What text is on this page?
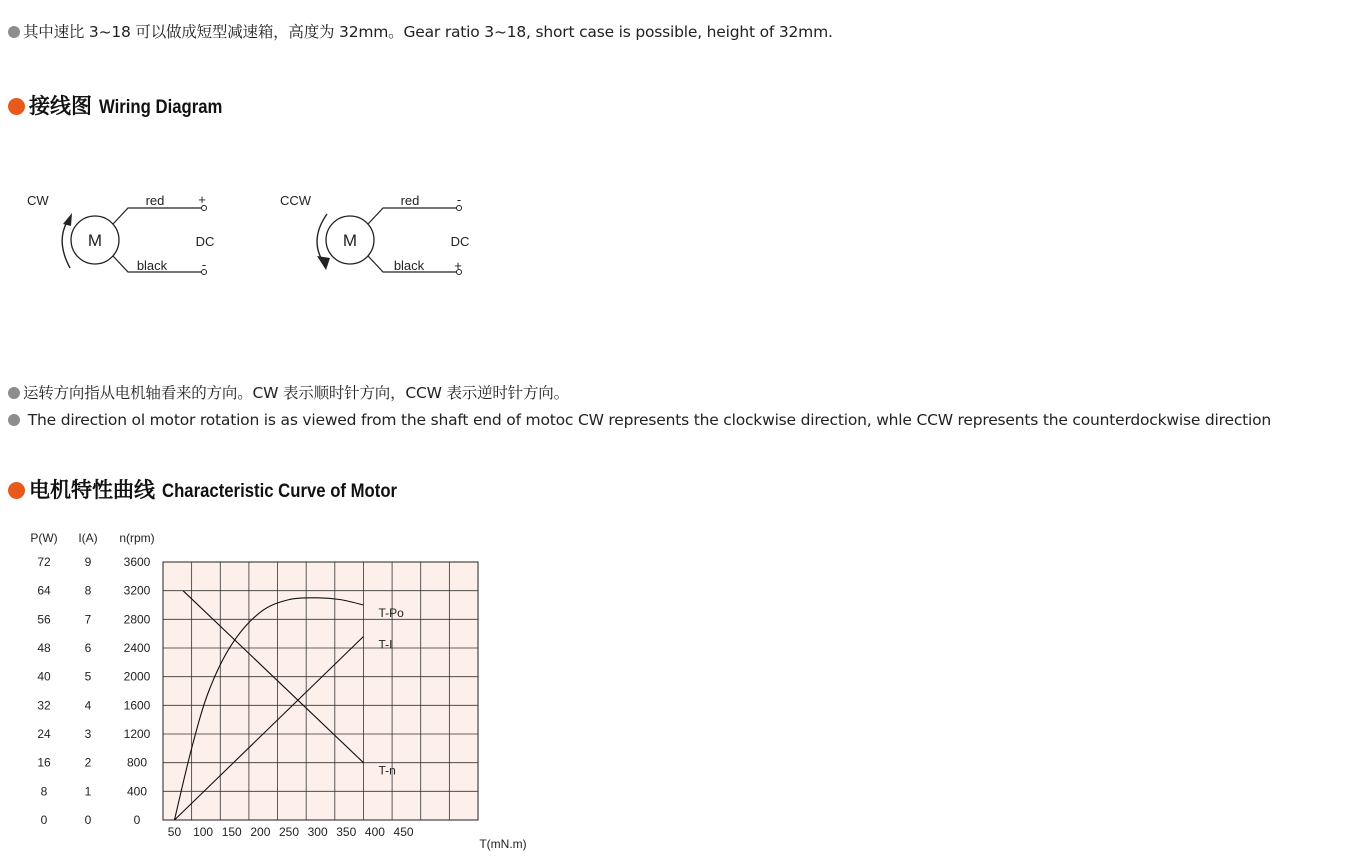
其中速比 3~18 可以做成短型减速箱，高度为 32mm。Gear ratio 3~18, short case is possible, height of 32mm.
接线图 Wiring Diagram
CW
M
red
black
+
-
DC
CCW
M
red
black
-
+
DC
运转方向指从电机轴看来的方向。CW 表示顺时针方向，CCW 表示逆时针方向。
The direction ol motor rotation is as viewed from the shaft end of motoc CW represents the clockwise direction, whle CCW represents the counterdockwise direction
电机特性曲线 Characteristic Curve of Motor
P(W)
0
8
16
24
32
40
48
56
64
72
I(A)
0
1
2
3
4
5
6
7
8
9
n(rpm)
0
400
800
1200
1600
2000
2400
2800
3200
3600
50 100 150 200 250 300 350 400 450
T(mN.m)
T-Po
T-I
T-n
